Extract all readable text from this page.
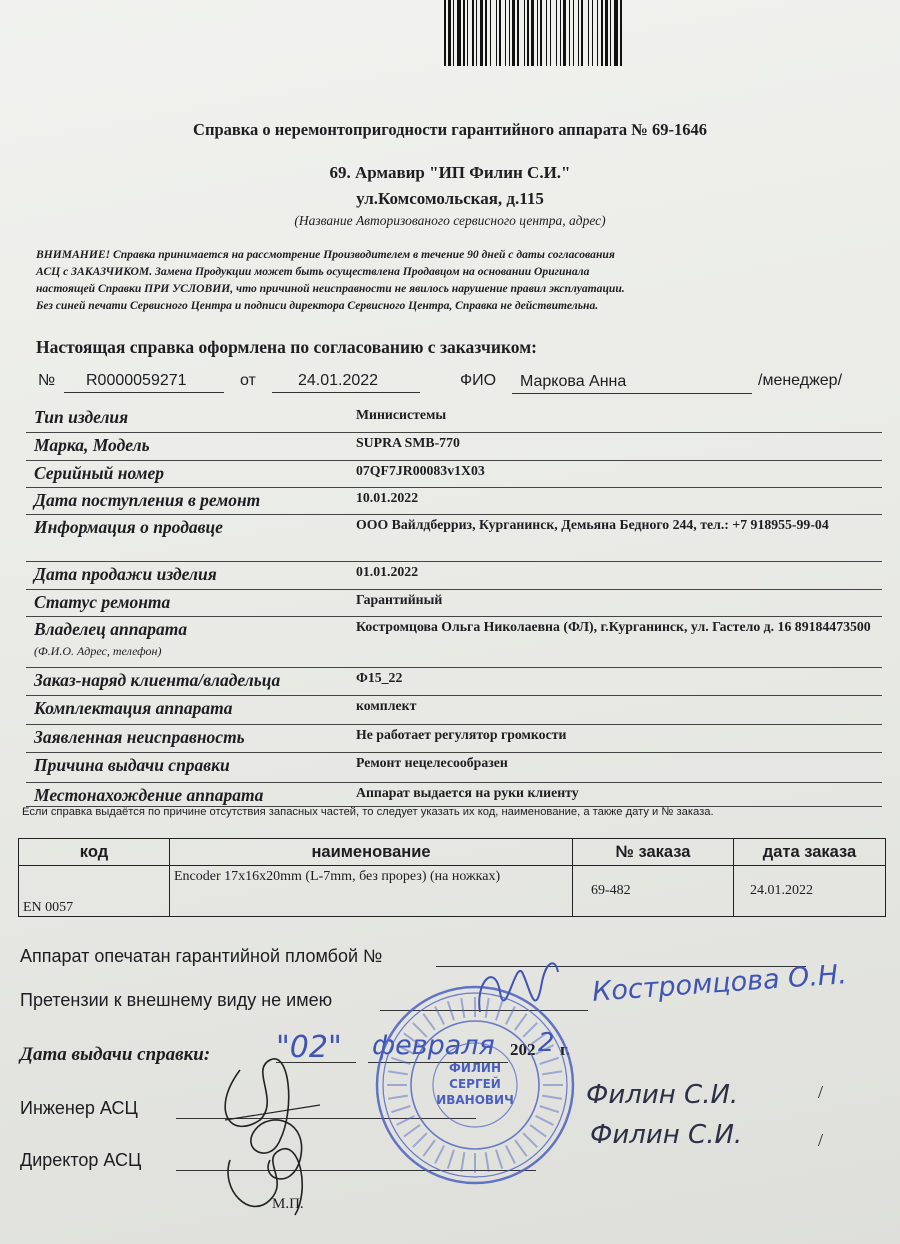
Справка о неремонтопригодности гарантийного аппарата № 69-1646
69. Армавир "ИП Филин С.И."
ул.Комсомольская, д.115
(Название Авторизованого сервисного центра, адрес)
ВНИМАНИЕ! Справка принимается на рассмотрение Производителем в течение 90 дней с даты согласования
АСЦ с ЗАКАЗЧИКОМ. Замена Продукции может быть осуществлена Продавцом на основании Оригинала
настоящей Справки ПРИ УСЛОВИИ, что причиной неисправности не явилось нарушение правил эксплуатации.
Без синей печати Сервисного Центра и подписи директора Сервисного Центра, Справка не действительна.
Настоящая справка оформлена по согласованию с заказчиком:
№ R0000059271	от	24.01.2022	ФИО Маркова Анна	/менеджер/
Тип изделия	Минисистемы
Марка, Модель	SUPRA SMB-770
Серийный номер	07QF7JR00083v1X03
Дата поступления в ремонт	10.01.2022
Информация о продавце	ООО Вайлдберриз, Курганинск, Демьяна Бедного 244, тел.: +7 918955-99-04
Дата продажи изделия	01.01.2022
Статус ремонта	Гарантийный
Владелец аппарата
(Ф.И.О. Адрес, телефон)
Костромцова Ольга Николаевна (ФЛ), г.Курганинск, ул. Гастело д. 16 89184473500
Заказ-наряд клиента/владельца	Ф15_22
Комплектация аппарата	комплект
Заявленная неисправность	Не работает регулятор громкости
Причина выдачи справки	Ремонт нецелесообразен
Местонахождение аппарата	Аппарат выдается на руки клиенту
Если справка выдаётся по причине отсутствия запасных частей, то следует указать их код, наименование, а также дату и № заказа.
код	наименование	№ заказа	дата заказа
EN 0057	Encoder 17x16x20mm (L-7mm, без прорез) (на ножках)	69-482	24.01.2022
Аппарат опечатан гарантийной пломбой №
Претензии к внешнему виду не имею	Костромцова О.Н.
Дата выдачи справки: "02" февраля 202 2 г.
Инженер АСЦ
/
Директор АСЦ
/
М.П.
ФИЛИН
СЕРГЕЙ
ИВАНОВИЧ	Филин С.И.
Филин С.И.
